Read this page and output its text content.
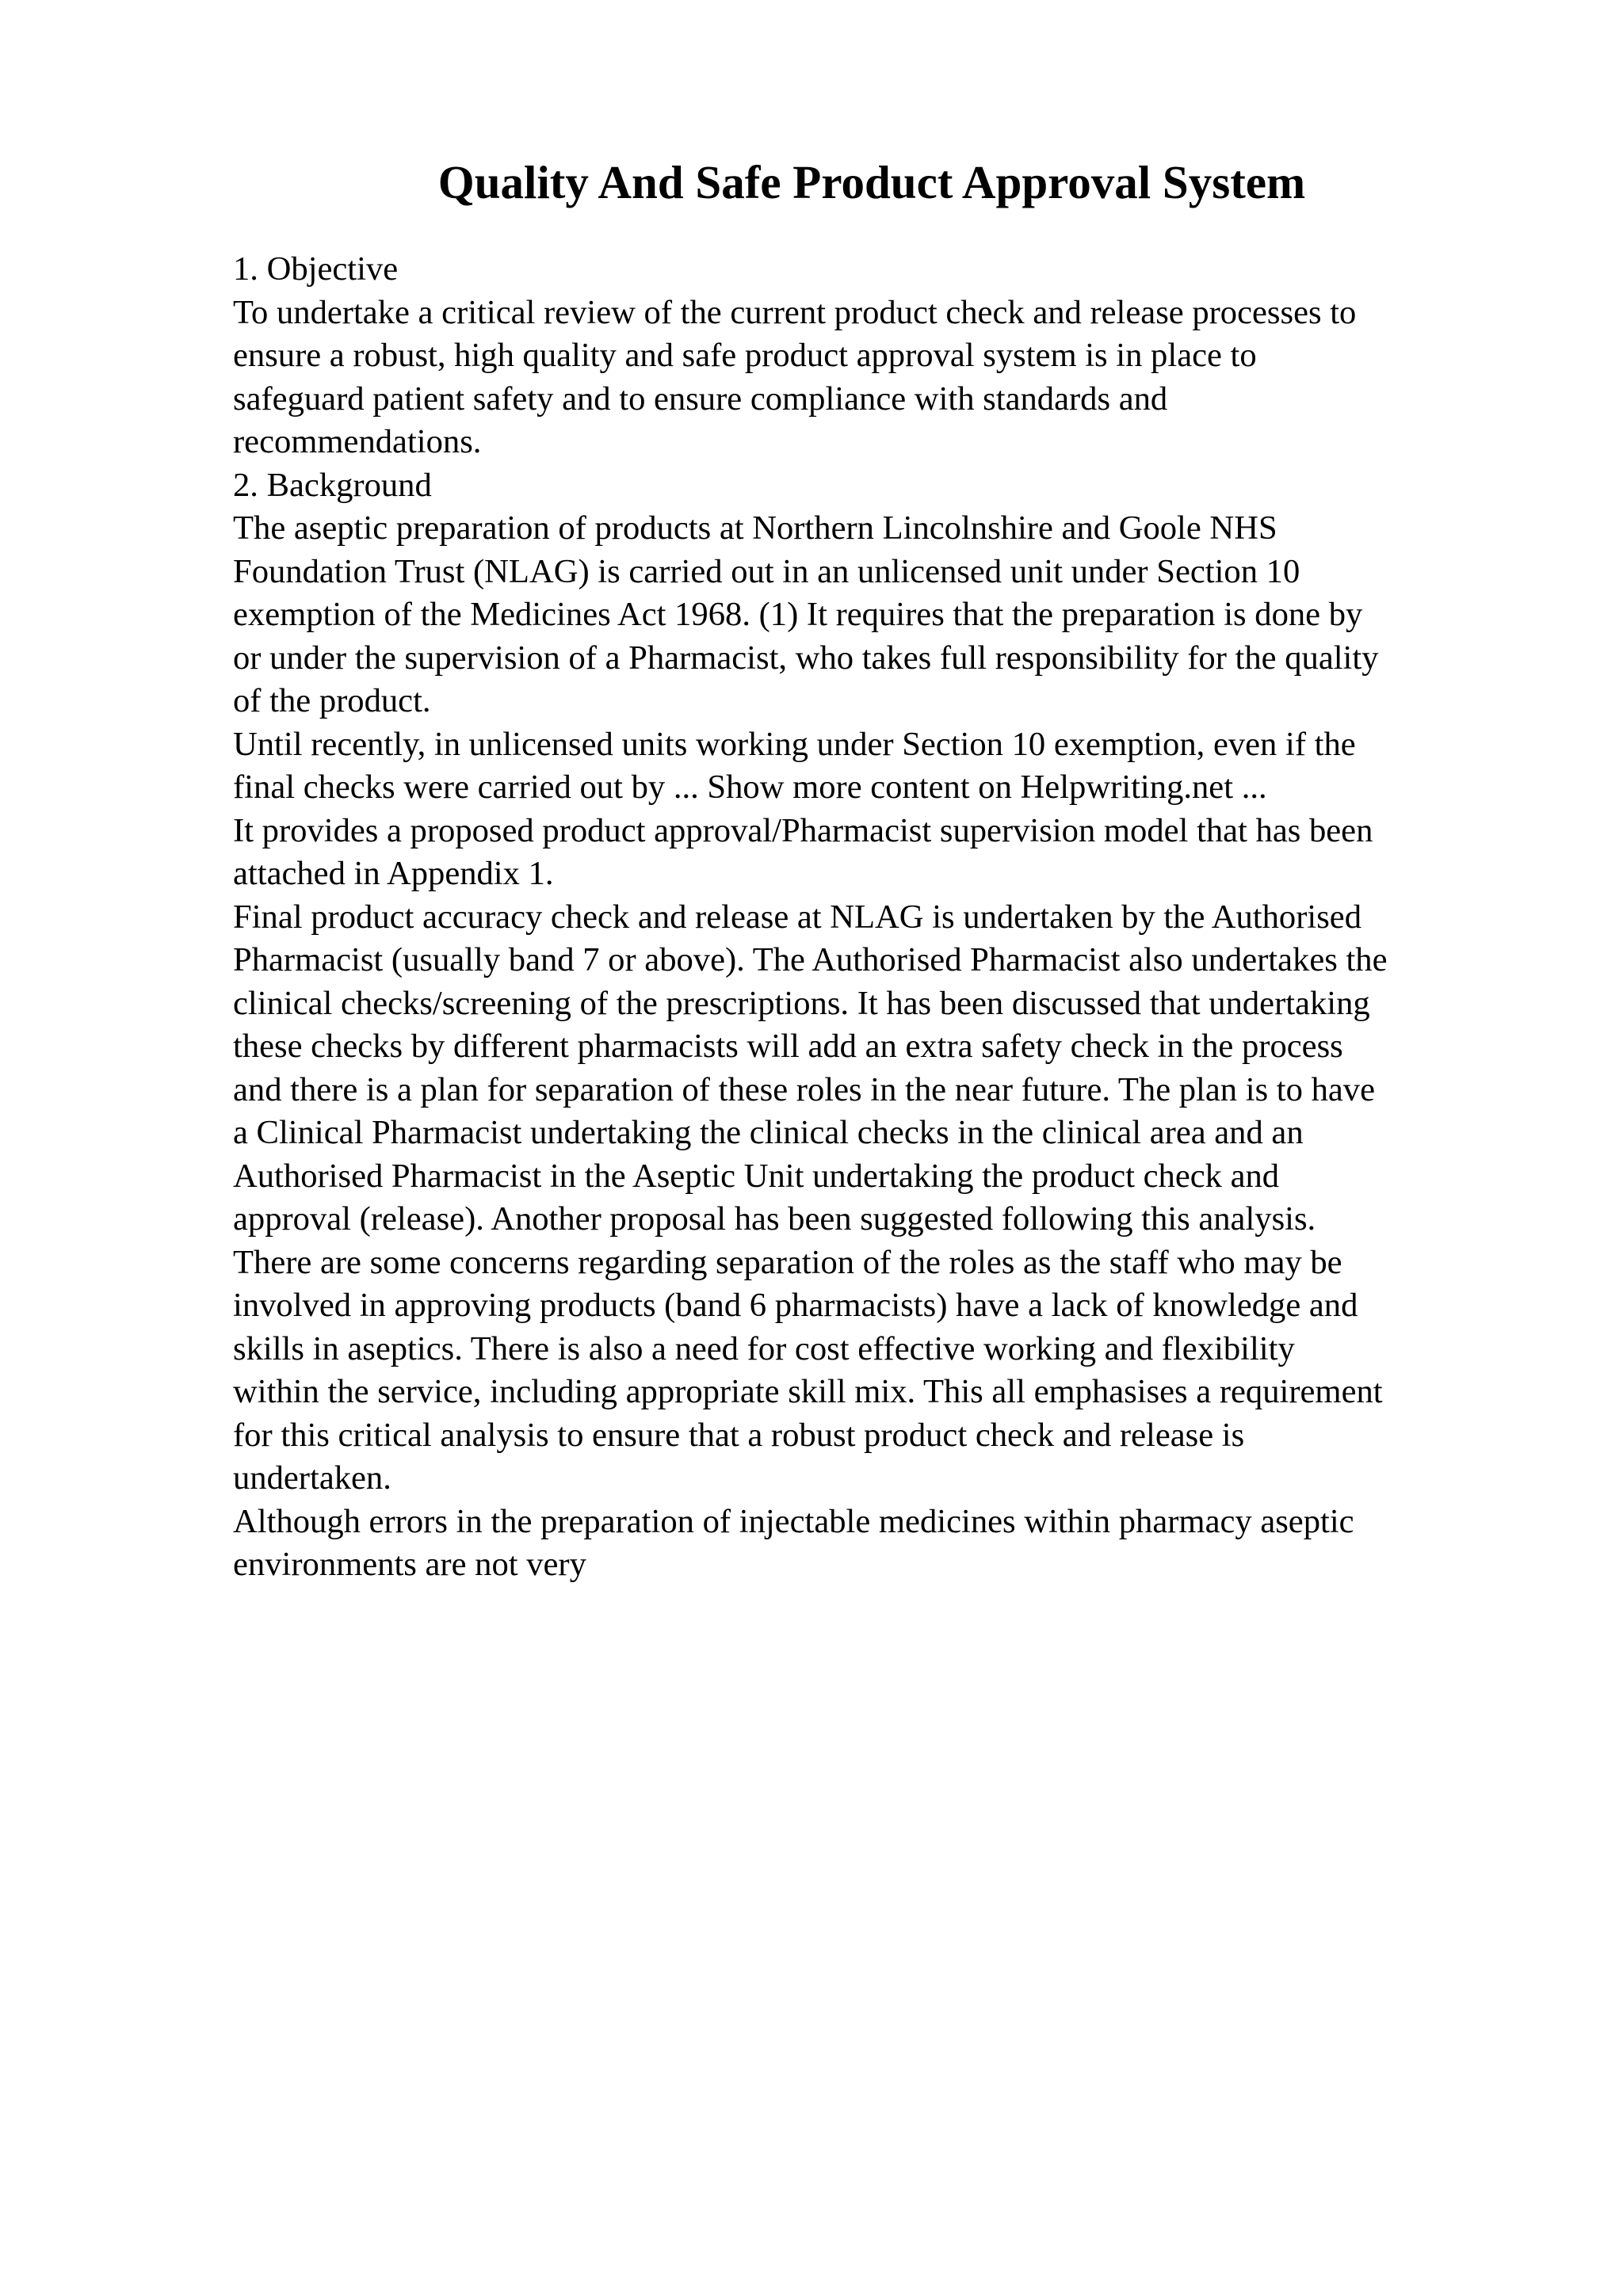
Quality And Safe Product Approval System
1. Objective
To undertake a critical review of the current product check and release processes to
ensure a robust, high quality and safe product approval system is in place to
safeguard patient safety and to ensure compliance with standards and
recommendations.
2. Background
The aseptic preparation of products at Northern Lincolnshire and Goole NHS
Foundation Trust (NLAG) is carried out in an unlicensed unit under Section 10
exemption of the Medicines Act 1968. (1) It requires that the preparation is done by
or under the supervision of a Pharmacist, who takes full responsibility for the quality
of the product.
Until recently, in unlicensed units working under Section 10 exemption, even if the
final checks were carried out by ... Show more content on Helpwriting.net ...
It provides a proposed product approval/Pharmacist supervision model that has been
attached in Appendix 1.
Final product accuracy check and release at NLAG is undertaken by the Authorised
Pharmacist (usually band 7 or above). The Authorised Pharmacist also undertakes the
clinical checks/screening of the prescriptions. It has been discussed that undertaking
these checks by different pharmacists will add an extra safety check in the process
and there is a plan for separation of these roles in the near future. The plan is to have
a Clinical Pharmacist undertaking the clinical checks in the clinical area and an
Authorised Pharmacist in the Aseptic Unit undertaking the product check and
approval (release). Another proposal has been suggested following this analysis.
There are some concerns regarding separation of the roles as the staff who may be
involved in approving products (band 6 pharmacists) have a lack of knowledge and
skills in aseptics. There is also a need for cost effective working and flexibility
within the service, including appropriate skill mix. This all emphasises a requirement
for this critical analysis to ensure that a robust product check and release is
undertaken.
Although errors in the preparation of injectable medicines within pharmacy aseptic
environments are not very
